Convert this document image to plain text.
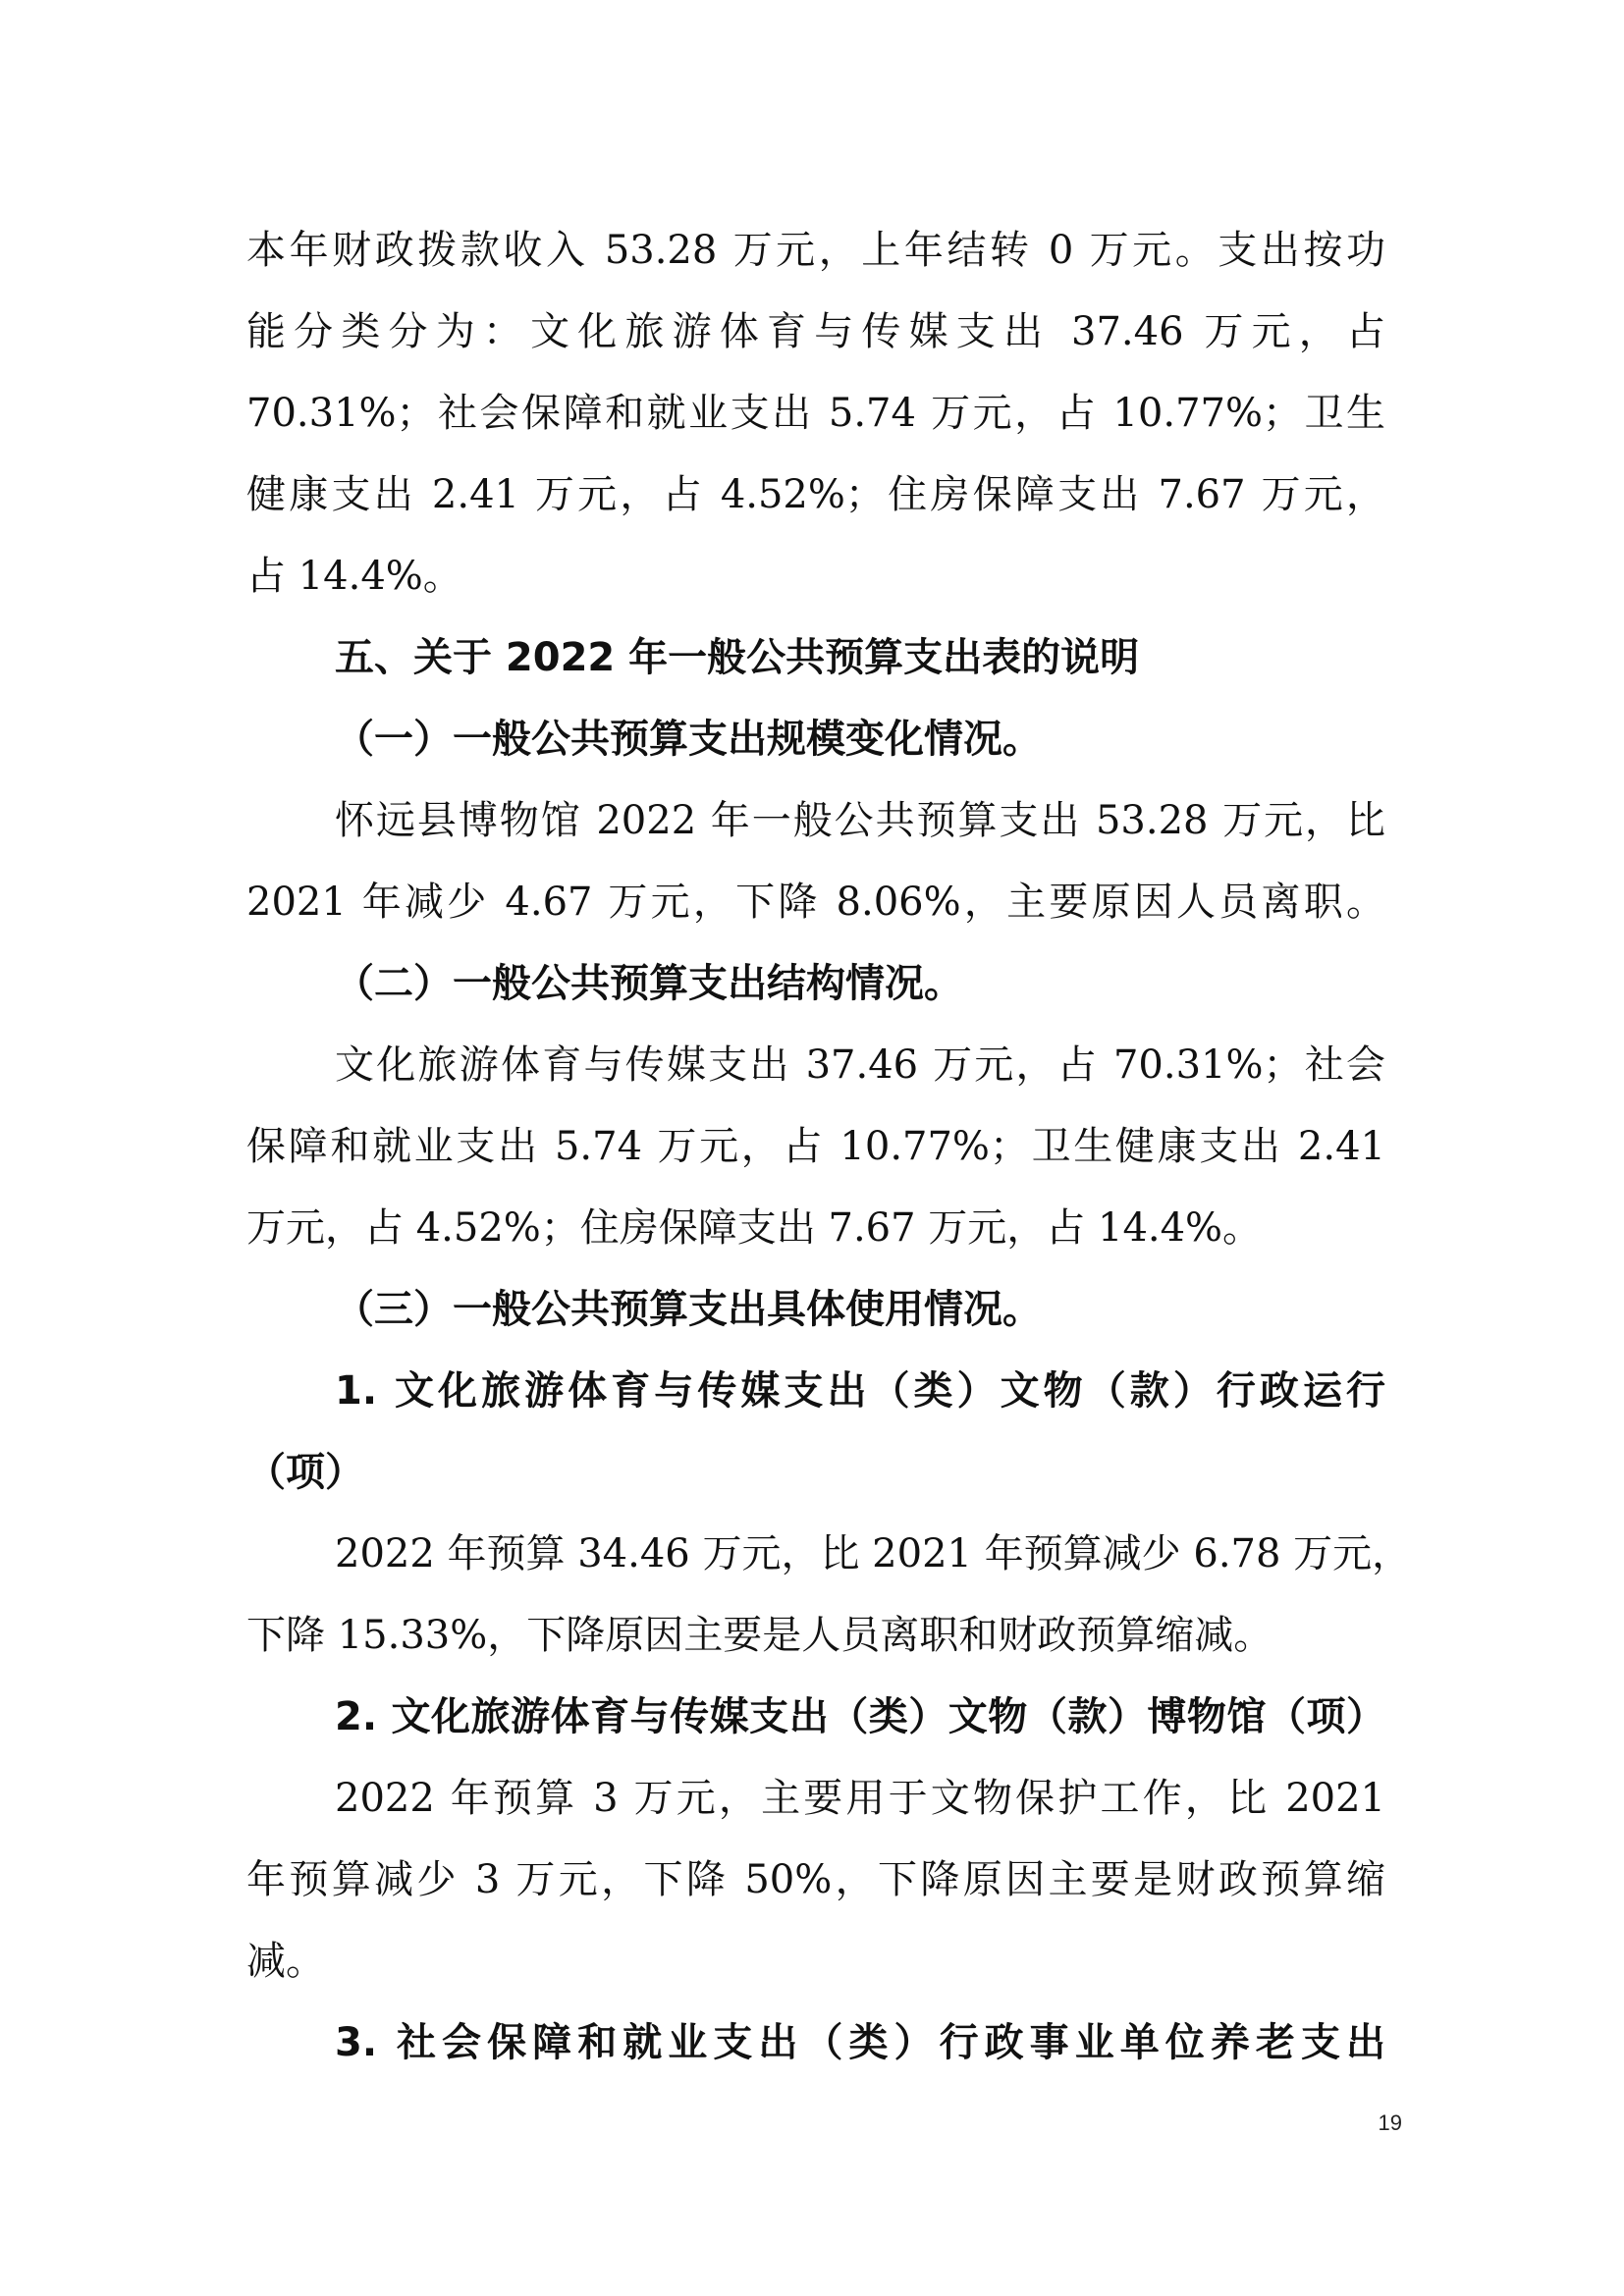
本年财政拨款收入 53.28 万元，上年结转 0 万元。支出按功

能分类分为：文化旅游体育与传媒支出 37.46 万元，占

70.31%；社会保障和就业支出 5.74 万元，占 10.77%；卫生

健康支出 2.41 万元，占 4.52%；住房保障支出 7.67 万元，

占 14.4%。

五、关于 2022 年一般公共预算支出表的说明

（一）一般公共预算支出规模变化情况。

怀远县博物馆 2022 年一般公共预算支出 53.28 万元，比

2021 年减少 4.67 万元，下降 8.06%，主要原因人员离职。

（二）一般公共预算支出结构情况。

文化旅游体育与传媒支出 37.46 万元，占 70.31%；社会

保障和就业支出 5.74 万元，占 10.77%；卫生健康支出 2.41

万元，占 4.52%；住房保障支出 7.67 万元，占 14.4%。

（三）一般公共预算支出具体使用情况。

1. 文化旅游体育与传媒支出（类）文物（款）行政运行

（项）

2022 年预算 34.46 万元，比 2021 年预算减少 6.78 万元，

下降 15.33%，下降原因主要是人员离职和财政预算缩减。

2. 文化旅游体育与传媒支出（类）文物（款）博物馆（项）

2022 年预算 3 万元，主要用于文物保护工作，比 2021

年预算减少 3 万元，下降 50%，下降原因主要是财政预算缩

减。

3. 社会保障和就业支出（类）行政事业单位养老支出

19
